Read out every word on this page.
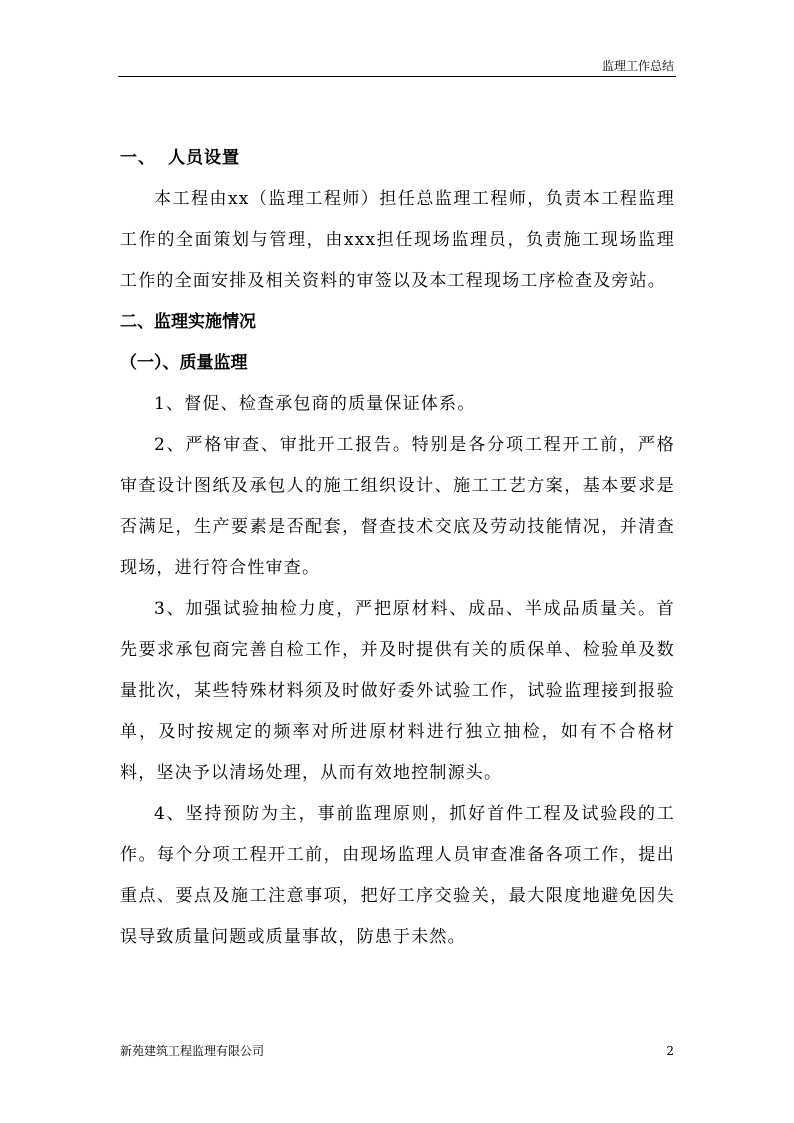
监理工作总结
一、 人员设置

本工程由xx（监理工程师）担任总监理工程师，负责本工程监理工作的全面策划与管理，由xxx担任现场监理员，负责施工现场监理工作的全面安排及相关资料的审签以及本工程现场工序检查及旁站。

二、监理实施情况
（一）、质量监理

1、督促、检查承包商的质量保证体系。

2、严格审查、审批开工报告。特别是各分项工程开工前，严格审查设计图纸及承包人的施工组织设计、施工工艺方案，基本要求是否满足，生产要素是否配套，督查技术交底及劳动技能情况，并清查现场，进行符合性审查。

3、加强试验抽检力度，严把原材料、成品、半成品质量关。首先要求承包商完善自检工作，并及时提供有关的质保单、检验单及数量批次，某些特殊材料须及时做好委外试验工作，试验监理接到报验单，及时按规定的频率对所进原材料进行独立抽检，如有不合格材料，坚决予以清场处理，从而有效地控制源头。

4、坚持预防为主，事前监理原则，抓好首件工程及试验段的工作。每个分项工程开工前，由现场监理人员审查准备各项工作，提出重点、要点及施工注意事项，把好工序交验关，最大限度地避免因失误导致质量问题或质量事故，防患于未然。

新苑建筑工程监理有限公司	2
